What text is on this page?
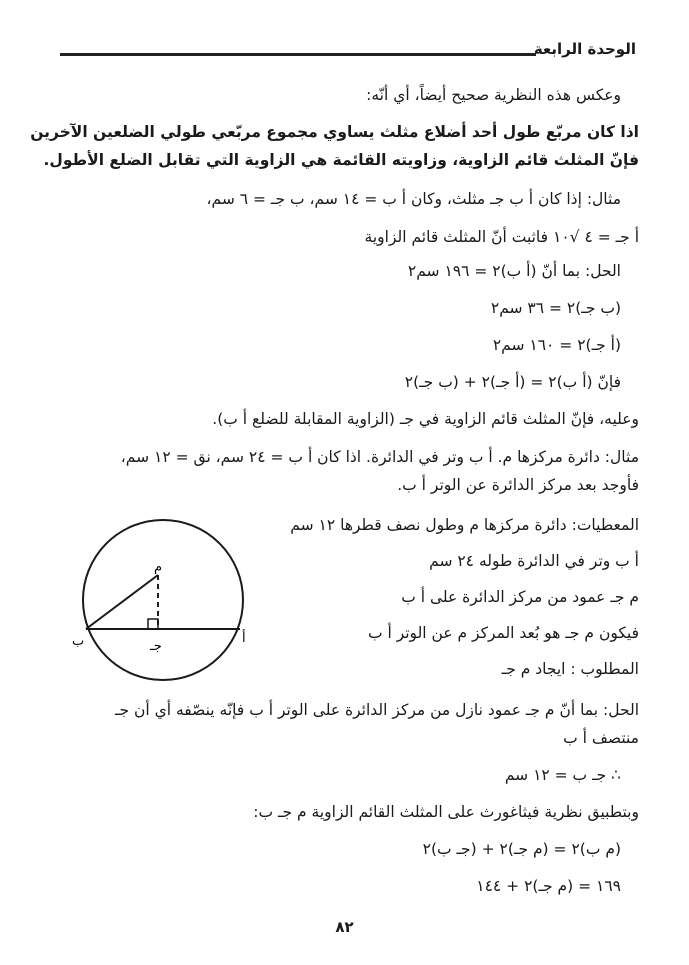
الوحدة الرابعة
وعكس هذه النظرية صحيح أيضاً، أي أنّه:
اذا كان مربّع طول أحد أضلاع مثلث يساوي مجموع مربّعي طولي الضلعين الآخرين
فإنّ المثلث قائم الزاوية، وزاويته القائمة هي الزاوية التي تقابل الضلع الأطول.
مثال: إذا كان أ ب جـ مثلث، وكان أ ب = ١٤ سم، ب جـ = ٦ سم،
أ جـ = ٤ √١٠ فاثبت أنّ المثلث قائم الزاوية
الحل: بما أنّ (أ ب)٢ = ١٩٦ سم٢
(ب جـ)٢ = ٣٦ سم٢
(أ جـ)٢ = ١٦٠ سم٢
فإنّ (أ ب)٢ = (أ جـ)٢ + (ب جـ)٢
وعليه، فإنّ المثلث قائم الزاوية في جـ (الزاوية المقابلة للضلع أ ب).
مثال: دائرة مركزها م. أ ب وتر في الدائرة. اذا كان أ ب = ٢٤ سم، نق = ١٢ سم،
فأوجد بعد مركز الدائرة عن الوتر أ ب.
المعطيات: دائرة مركزها م وطول نصف قطرها ١٢ سم
أ ب وتر في الدائرة طوله ٢٤ سم
م جـ عمود من مركز الدائرة على أ ب
فيكون م جـ هو بُعد المركز م عن الوتر أ ب
المطلوب : ايجاد م جـ
الحل: بما أنّ م جـ عمود نازل من مركز الدائرة على الوتر أ ب فإنّه ينصّفه أي أن جـ
منتصف أ ب
∴ جـ ب = ١٢ سم
وبتطبيق نظرية فيثاغورث على المثلث القائم الزاوية م جـ ب:
(م ب)٢ = (م جـ)٢ + (جـ ب)٢
١٦٩ = (م جـ)٢ + ١٤٤
أ
ب	جـ
م
٨٢
